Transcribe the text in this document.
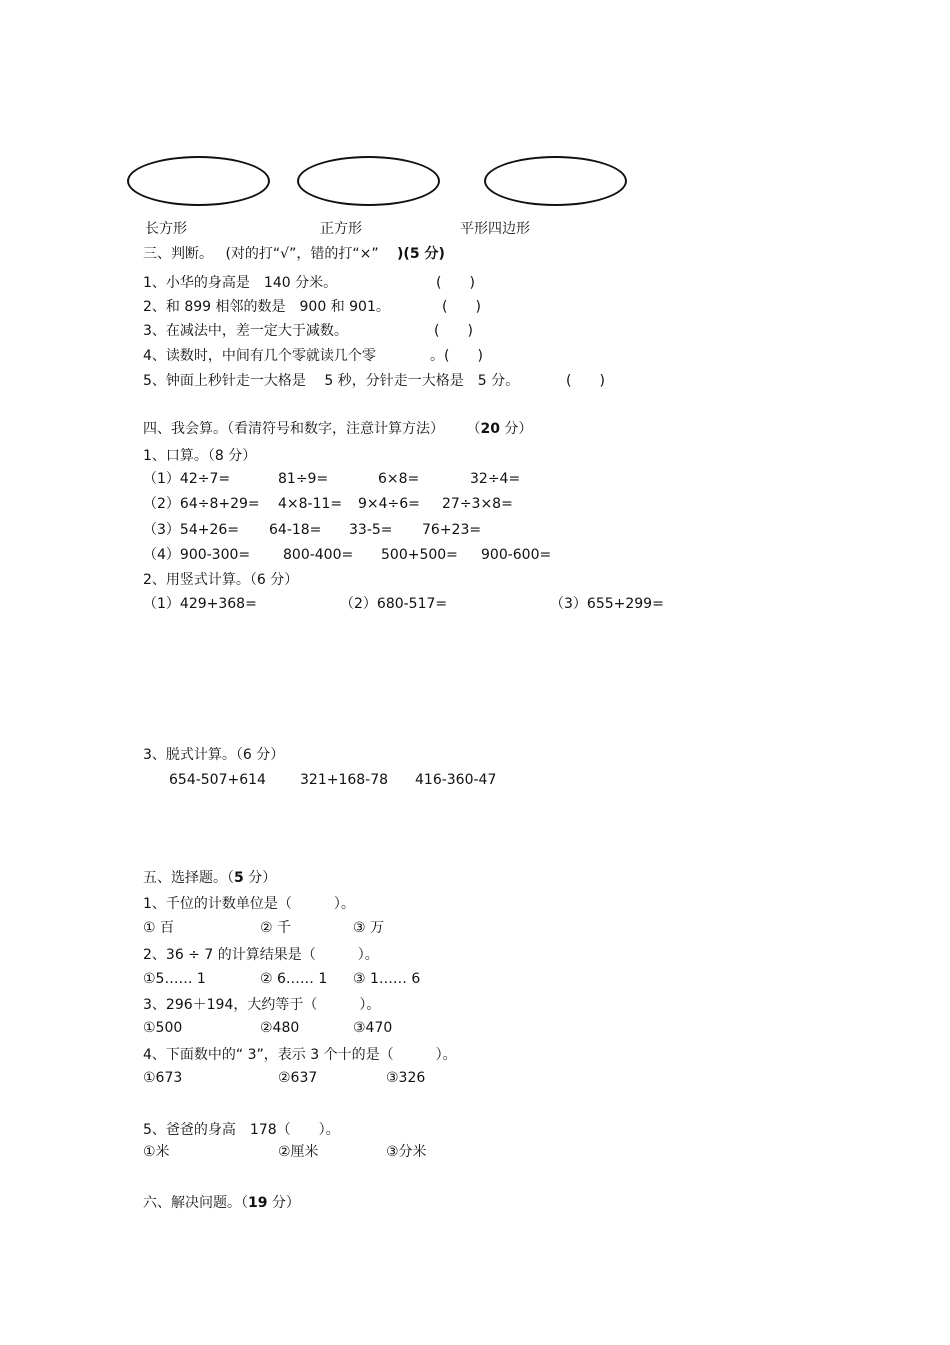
长方形	正方形	平形四边形
三、判断。 (对的打“√”，错的打“×” )(5 分)
1、小华的身高是　140 分米。	(　　)
2、和 899 相邻的数是　900 和 901。	(　　)
3、在减法中，差一定大于减数。	(　　)
4、读数时，中间有几个零就读几个零	。 (　　)
5、钟面上秒针走一大格是　 5 秒，分针走一大格是　5 分。	(　　)
四、我会算。（看清符号和数字，注意计算方法） （20 分）
1、口算。（8 分）
（1）42÷7=	81÷9=	6×8=	32÷4=
（2）64÷8+29= 4×8-11= 9×4÷6= 27÷3×8=
（3）54+26= 64-18= 33-5= 76+23=
（4）900-300= 800-400= 500+500= 900-600=
2、用竖式计算。（6 分）
（1）429+368=	（2）680-517=	（3）655+299=
3、脱式计算。（6 分）
654-507+614 321+168-78 416-360-47
五、选择题。（5 分）
1、千位的计数单位是（　　　）。
① 百	② 千	③ 万
2、36 ÷ 7 的计算结果是（　　　）。
①5…… 1	② 6…… 1 ③ 1…… 6
3、296＋194，大约等于（　　　）。
①500	②480	③470
4、下面数中的“ 3”，表示 3 个十的是（　　　）。
①673	②637	③326
5、爸爸的身高　178（　　）。
①米	②厘米	③分米
六、解决问题。（19 分）
